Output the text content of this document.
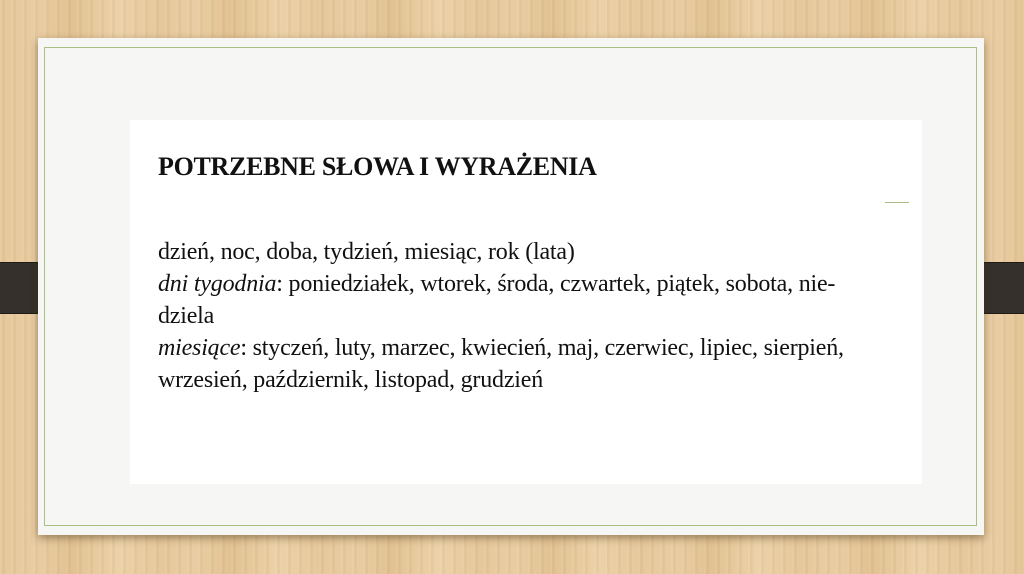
POTRZEBNE SŁOWA I WYRAŻENIA
dzień, noc, doba, tydzień, miesiąc, rok (lata)
dni tygodnia: poniedziałek, wtorek, środa, czwartek, piątek, sobota, nie-
dziela
miesiące: styczeń, luty, marzec, kwiecień, maj, czerwiec, lipiec, sierpień,
wrzesień, październik, listopad, grudzień
